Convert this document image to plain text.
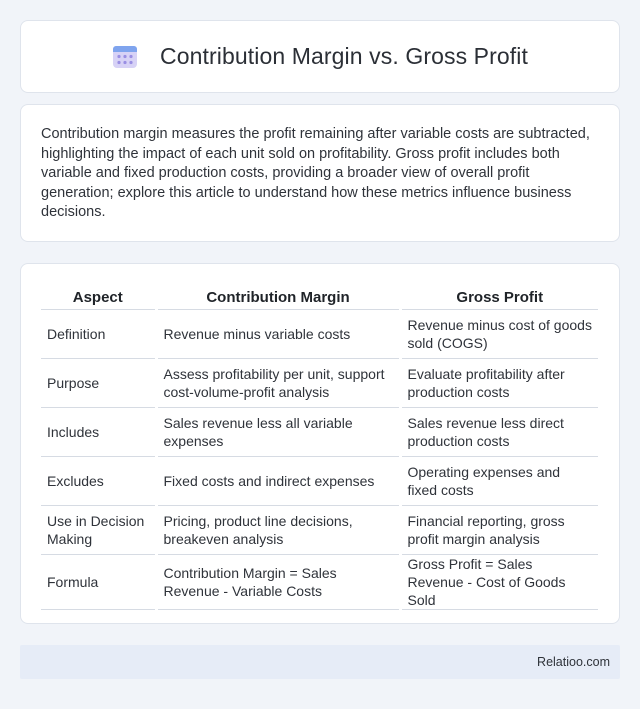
Contribution Margin vs. Gross Profit

Contribution margin measures the profit remaining after variable costs are subtracted, highlighting the impact of each unit sold on profitability. Gross profit includes both variable and fixed production costs, providing a broader view of overall profit generation; explore this article to understand how these metrics influence business decisions.

Aspect	Contribution Margin	Gross Profit
Definition	Revenue minus variable costs	Revenue minus cost of goods sold (COGS)
Purpose	Assess profitability per unit, support cost-volume-profit analysis	Evaluate profitability after production costs
Includes	Sales revenue less all variable expenses	Sales revenue less direct production costs
Excludes	Fixed costs and indirect expenses	Operating expenses and fixed costs
Use in Decision Making	Pricing, product line decisions, breakeven analysis	Financial reporting, gross profit margin analysis
Formula	Contribution Margin = Sales Revenue - Variable Costs	Gross Profit = Sales Revenue - Cost of Goods Sold
Relatioo.com
